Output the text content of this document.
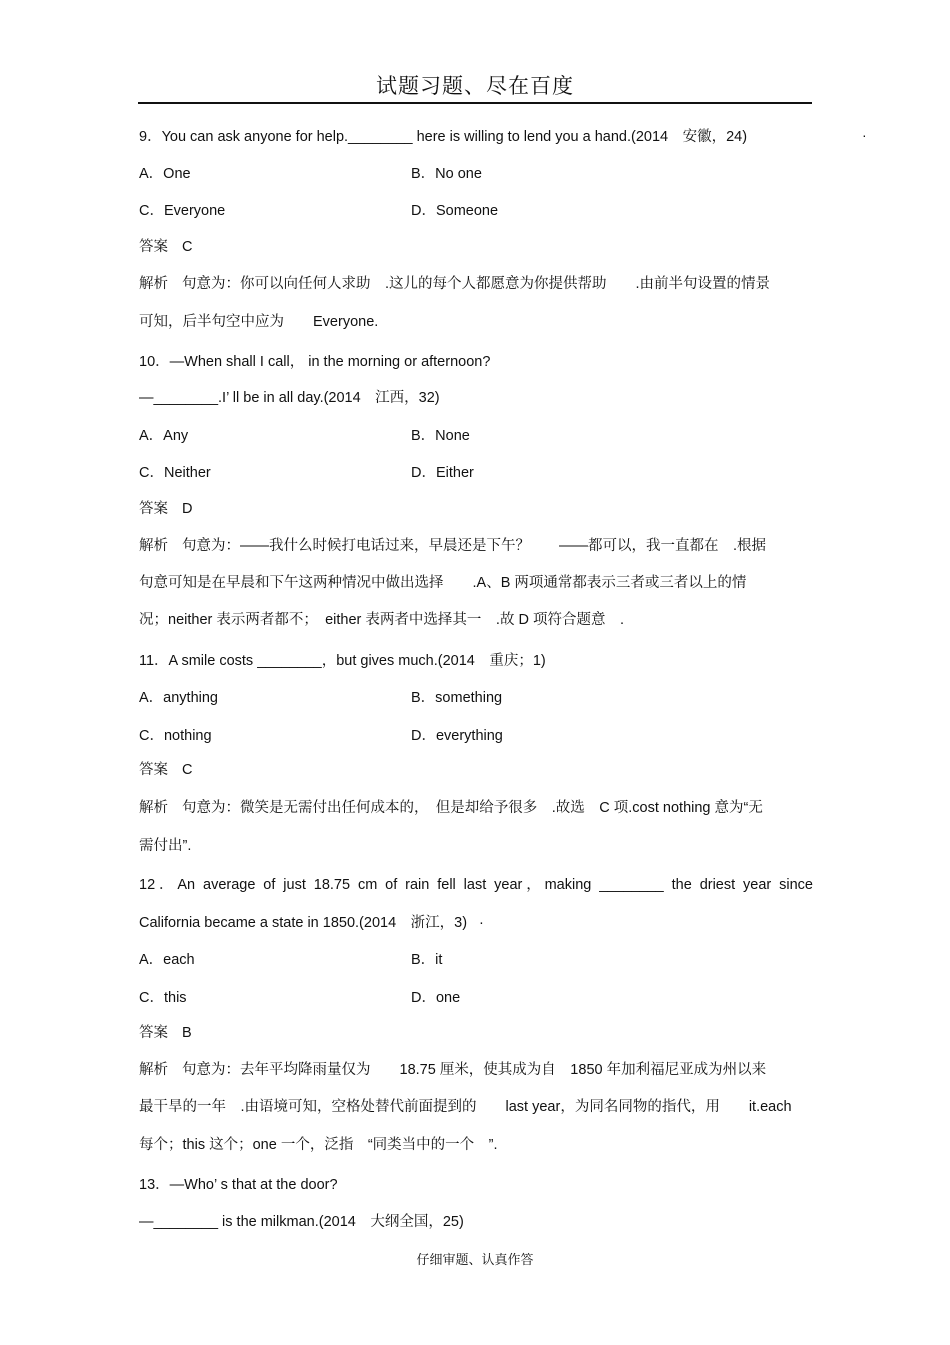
试题习题、尽在百度
·
9．You can ask anyone for help.________ here is willing to lend you a hand.(2014　安徽，24)
A．One	B．No one
C．Everyone	D．Someone
答案 C
解析 句意为：你可以向任何人求助　.这儿的每个人都愿意为你提供帮助　　.由前半句设置的情景
可知，后半句空中应为　　Everyone.
10．—When shall I call， in the morning or afternoon?
—________.I’ ll be in all day.(2014　江西，32)
A．Any	B．None
C．Neither	D．Either
答案 D
解析 句意为：——我什么时候打电话过来，早晨还是下午？　　——都可以，我一直都在　.根据
句意可知是在早晨和下午这两种情况中做出选择　　.A、B 两项通常都表示三者或三者以上的情
况；neither 表示两者都不；　either 表两者中选择其一　.故 D 项符合题意　.
11．A smile costs ________，but gives much.(2014　重庆；1)
A．anything	B．something
C．nothing	D．everything
答案 C
解析 句意为：微笑是无需付出任何成本的，　但是却给予很多　.故选　C 项.cost nothing 意为“无
需付出”.
12．An average of just 18.75 cm of rain fell last year，making ________ the driest year since
California became a state in 1850.(2014　浙江，3) ·
A．each	B．it
C．this	D．one
答案 B
解析 句意为：去年平均降雨量仅为　　18.75 厘米，使其成为自　1850 年加利福尼亚成为州以来
最干旱的一年　.由语境可知，空格处替代前面提到的　　last year，为同名同物的指代，用　　it.each
每个；this 这个；one 一个，泛指　“同类当中的一个　”.
13．—Who’ s that at the door?
—________ is the milkman.(2014　大纲全国，25)
仔细审题、认真作答
